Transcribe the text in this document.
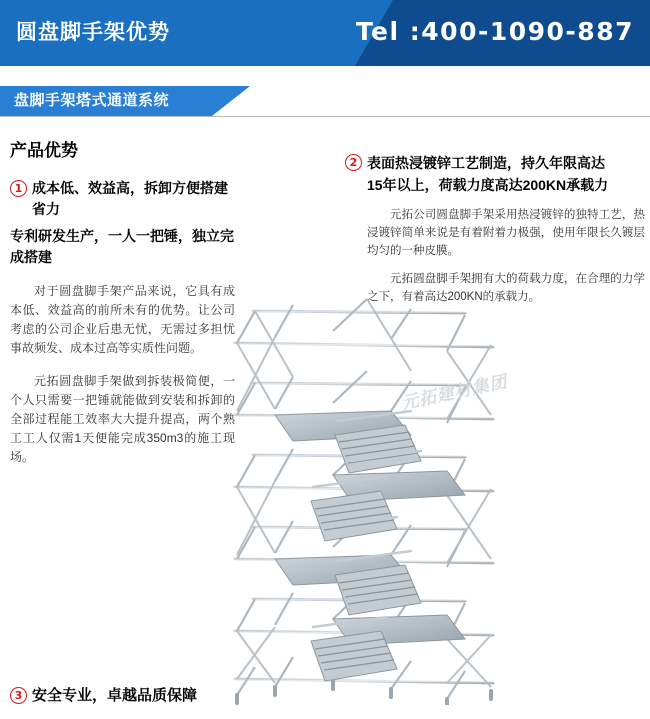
圆盘脚手架优势	Tel :400-1090-887
盘脚手架塔式通道系统
产品优势
1 成本低、效益高，拆卸方便搭建省力
专利研发生产，一人一把锤，独立完成搭建

对于圆盘脚手架产品来说，它具有成本低、效益高的前所未有的优势。让公司考虑的公司企业后患无忧，无需过多担忧事故频发、成本过高等实质性问题。

元拓圆盘脚手架做到拆装极简便，一个人只需要一把锤就能做到安装和拆卸的全部过程能工效率大大提升提高，两个熟工工人仅需1天便能完成350m3的施工现场。

2 表面热浸镀锌工艺制造，持久年限高达
15年以上，荷载力度高达200KN承载力

元拓公司圆盘脚手架采用热浸镀锌的独特工艺，热浸镀锌简单来说是有着附着力极强，使用年限长久镀层均匀的一种皮膜。

元拓圆盘脚手架拥有大的荷载力度，在合理的力学之下，有着高达200KN的承载力。

元拓建材集团
3 安全专业，卓越品质保障
